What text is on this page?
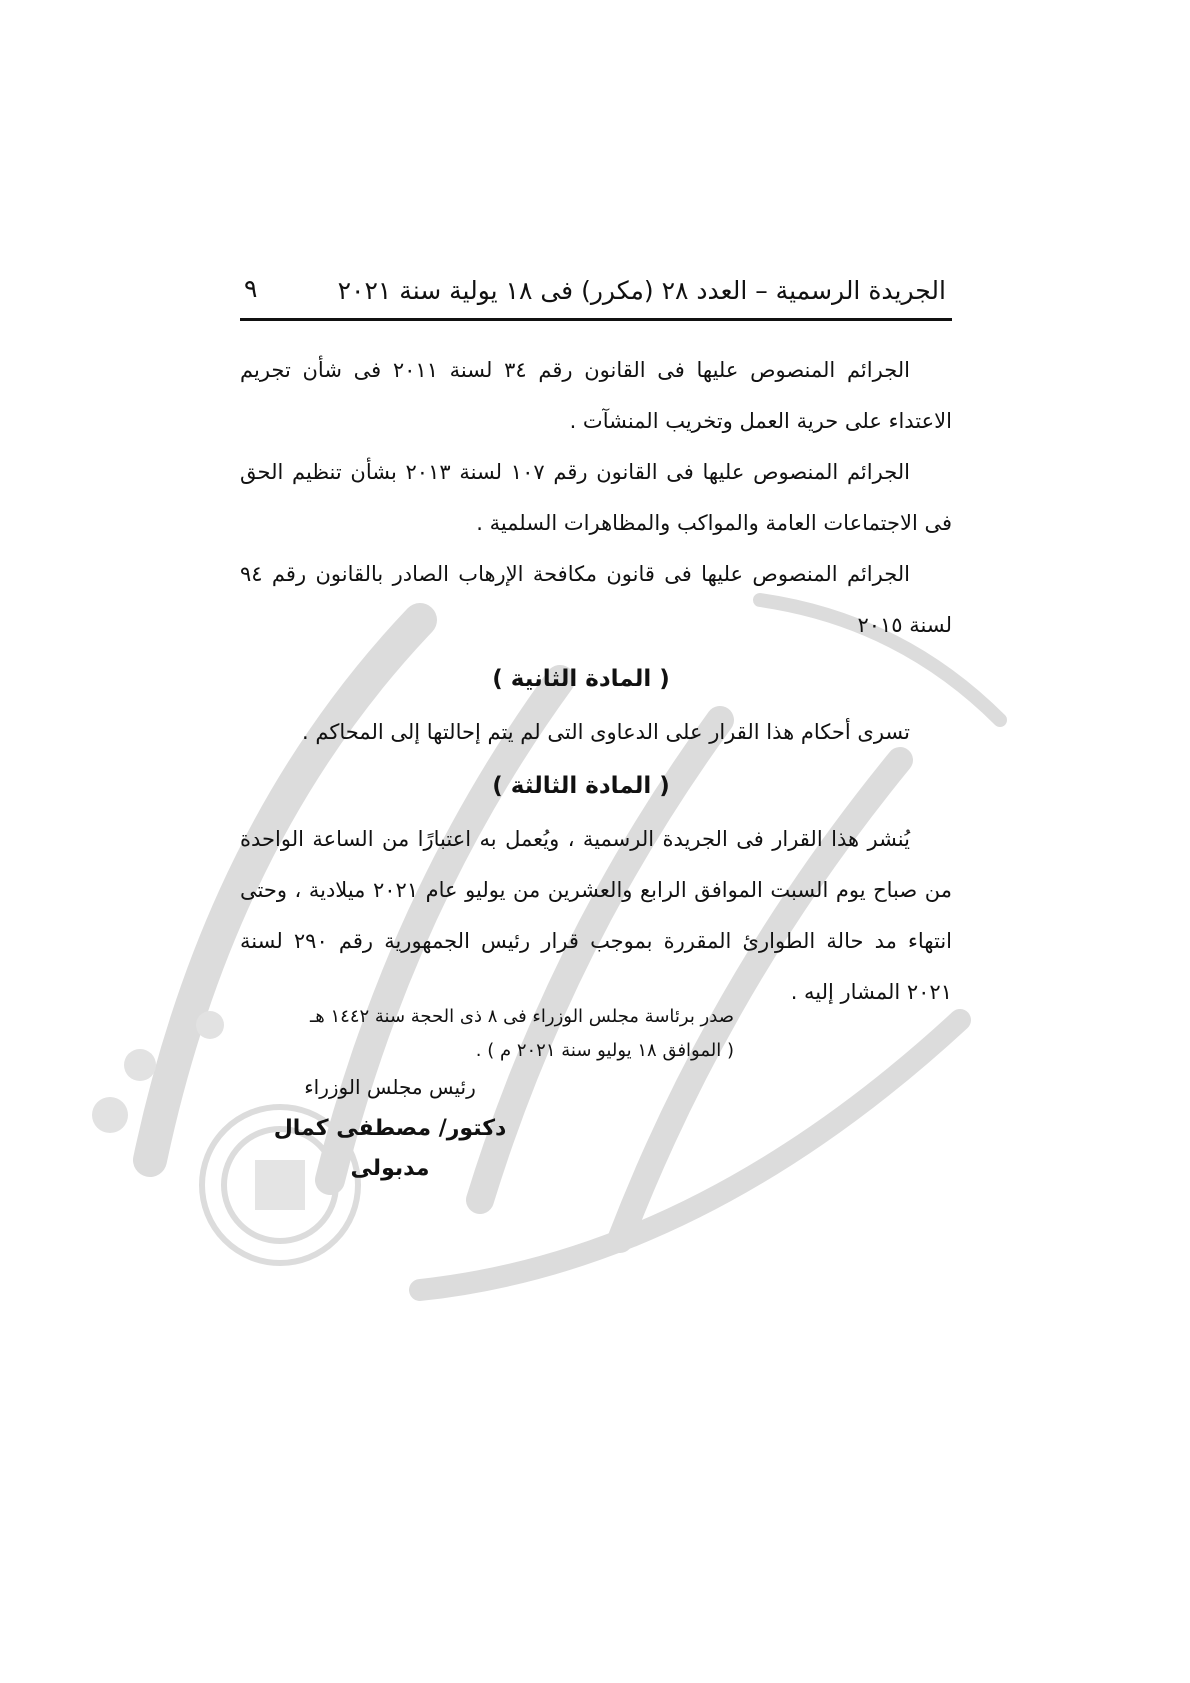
الجريدة الرسمية – العدد ٢٨ (مكرر) فى ١٨ يولية سنة ٢٠٢١
٩

الجرائم المنصوص عليها فى القانون رقم ٣٤ لسنة ٢٠١١ فى شأن تجريم الاعتداء على حرية العمل وتخريب المنشآت .

الجرائم المنصوص عليها فى القانون رقم ١٠٧ لسنة ٢٠١٣ بشأن تنظيم الحق فى الاجتماعات العامة والمواكب والمظاهرات السلمية .

الجرائم المنصوص عليها فى قانون مكافحة الإرهاب الصادر بالقانون رقم ٩٤ لسنة ٢٠١٥

( المادة الثانية )

تسرى أحكام هذا القرار على الدعاوى التى لم يتم إحالتها إلى المحاكم .

( المادة الثالثة )

يُنشر هذا القرار فى الجريدة الرسمية ، ويُعمل به اعتبارًا من الساعة الواحدة من صباح يوم السبت الموافق الرابع والعشرين من يوليو عام ٢٠٢١ ميلادية ، وحتى انتهاء مد حالة الطوارئ المقررة بموجب قرار رئيس الجمهورية رقم ٢٩٠ لسنة ٢٠٢١ المشار إليه .

صدر برئاسة مجلس الوزراء فى ٨ ذى الحجة سنة ١٤٤٢ هـ
( الموافق ١٨ يوليو سنة ٢٠٢١ م ) .
رئيس مجلس الوزراء
دكتور/ مصطفى كمال مدبولى
